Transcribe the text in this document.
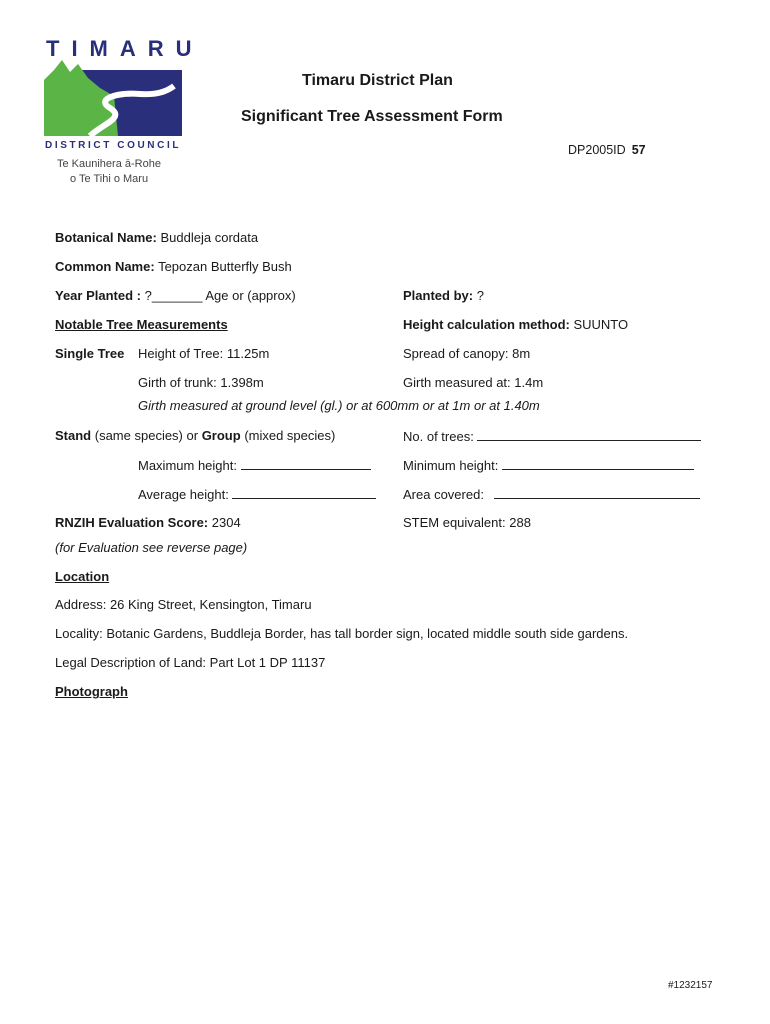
TIMARU
DISTRICT COUNCIL
Te Kaunihera ā-Rohe
o Te Tihi o Maru
Timaru District Plan
Significant Tree Assessment Form
DP2005ID 57
Botanical Name: Buddleja cordata
Common Name: Tepozan Butterfly Bush
Year Planted : ?_______ Age or (approx)	Planted by: ?
Notable Tree Measurements	Height calculation method: SUUNTO
Single Tree Height of Tree: 11.25m	Spread of canopy: 8m
Girth of trunk: 1.398m	Girth measured at: 1.4m
Girth measured at ground level (gl.) or at 600mm or at 1m or at 1.40m
Stand (same species) or Group (mixed species)	No. of trees:
Maximum height:	Minimum height:
Average height:	Area covered:
RNZIH Evaluation Score: 2304	STEM equivalent: 288
(for Evaluation see reverse page)
Location
Address: 26 King Street, Kensington, Timaru
Locality: Botanic Gardens, Buddleja Border, has tall border sign, located middle south side gardens.
Legal Description of Land: Part Lot 1 DP 11137
Photograph
#1232157
